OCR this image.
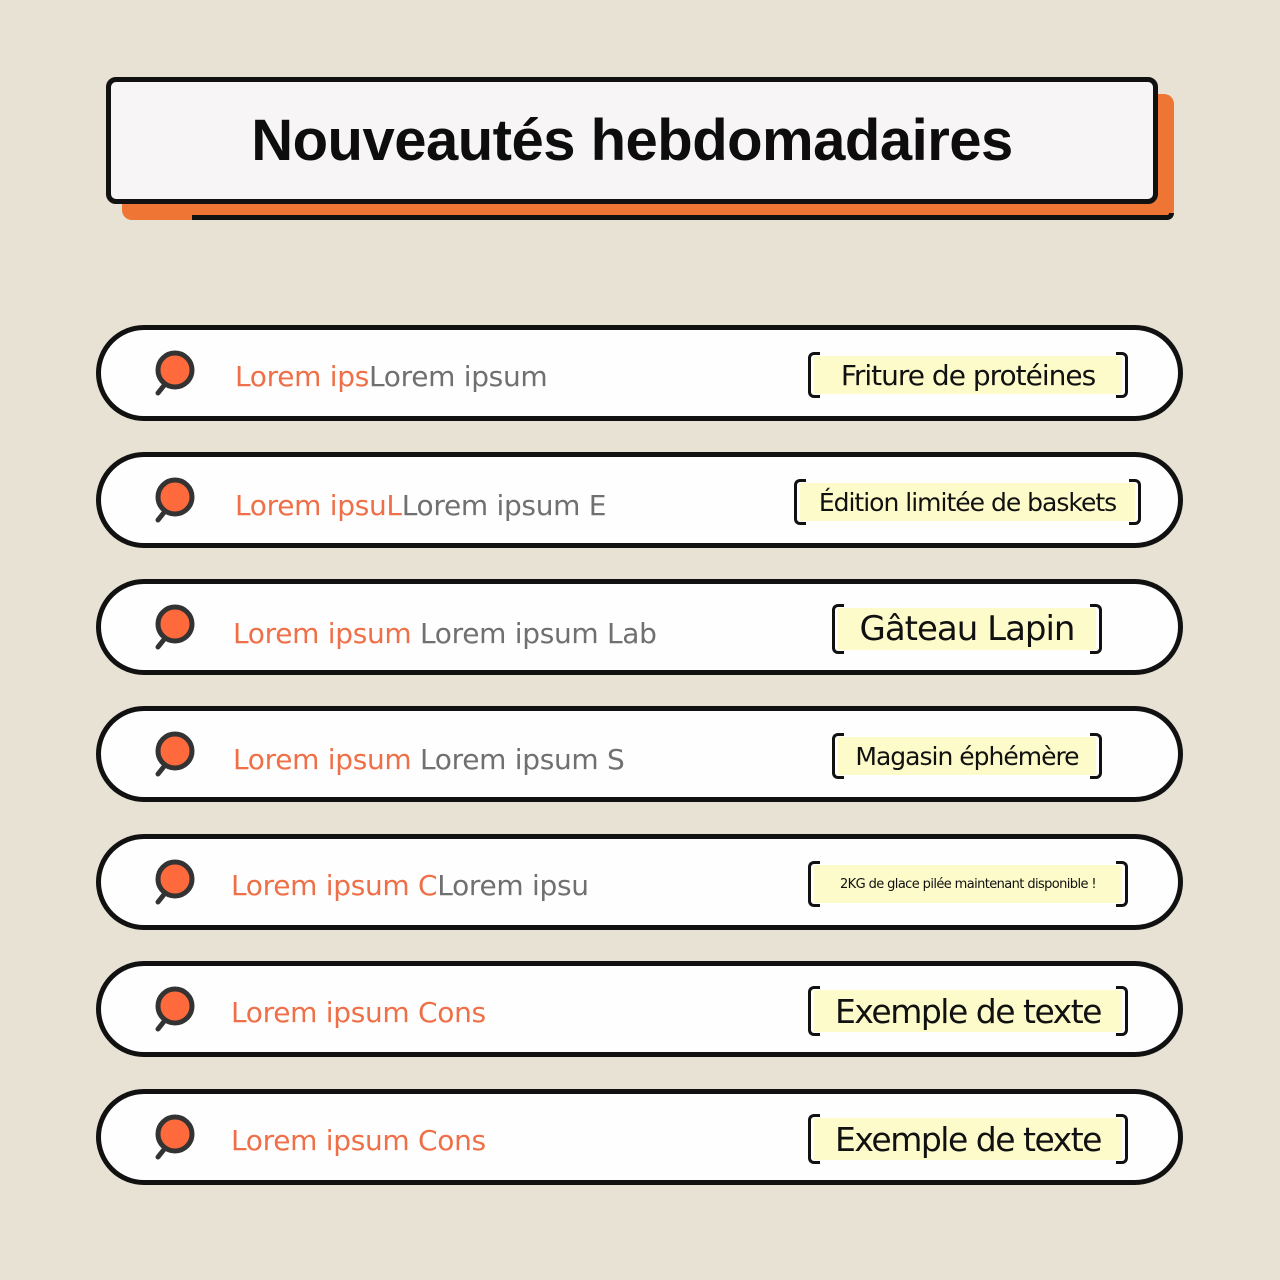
Nouveautés hebdomadaires
Lorem ipsLorem ipsum	Friture de protéines
Lorem ipsuLLorem ipsum E	Édition limitée de baskets
Lorem ipsum Lorem ipsum Lab	Gâteau Lapin
Lorem ipsum Lorem ipsum S	Magasin éphémère
Lorem ipsum CLorem ipsu	2KG de glace pilée maintenant disponible !
Lorem ipsum Cons	Exemple de texte
Lorem ipsum Cons	Exemple de texte
